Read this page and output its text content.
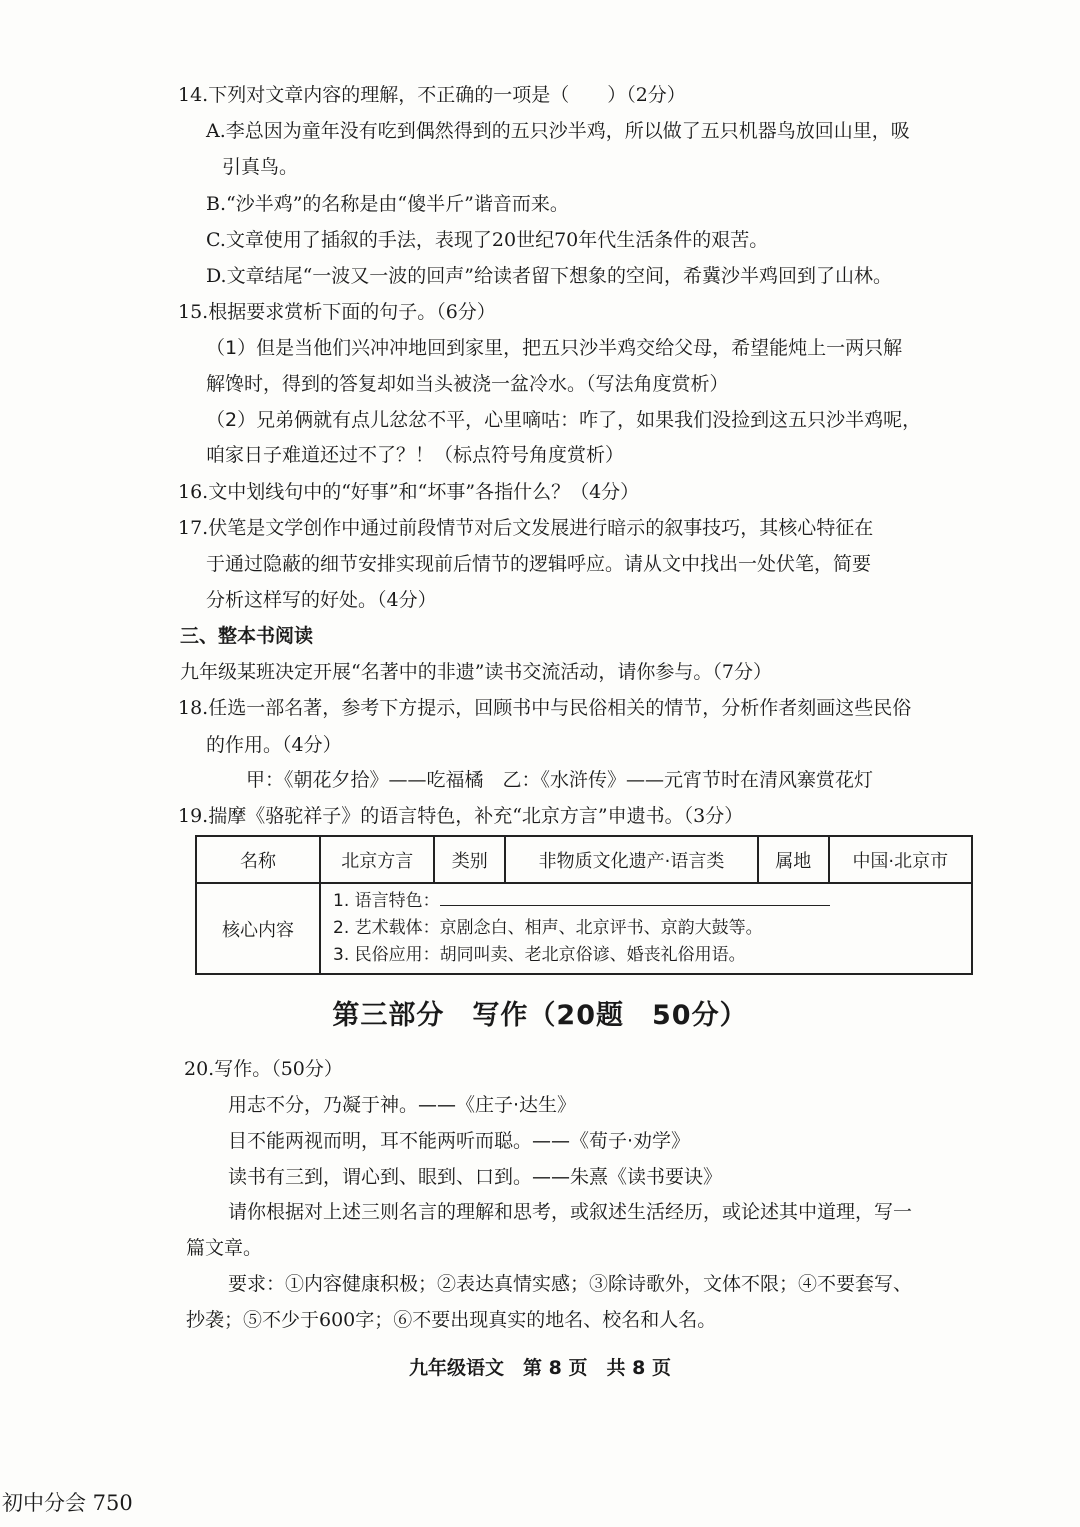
14.下列对文章内容的理解，不正确的一项是（　　）（2分）
A.李总因为童年没有吃到偶然得到的五只沙半鸡，所以做了五只机器鸟放回山里，吸
引真鸟。
B.“沙半鸡”的名称是由“傻半斤”谐音而来。
C.文章使用了插叙的手法，表现了20世纪70年代生活条件的艰苦。
D.文章结尾“一波又一波的回声”给读者留下想象的空间，希冀沙半鸡回到了山林。
15.根据要求赏析下面的句子。（6分）
（1）但是当他们兴冲冲地回到家里，把五只沙半鸡交给父母，希望能炖上一两只解
解馋时，得到的答复却如当头被浇一盆冷水。（写法角度赏析）
（2）兄弟俩就有点儿忿忿不平，心里嘀咕：咋了，如果我们没捡到这五只沙半鸡呢，
咱家日子难道还过不了？！（标点符号角度赏析）
16.文中划线句中的“好事”和“坏事”各指什么？（4分）
17.伏笔是文学创作中通过前段情节对后文发展进行暗示的叙事技巧，其核心特征在
于通过隐蔽的细节安排实现前后情节的逻辑呼应。请从文中找出一处伏笔，简要
分析这样写的好处。（4分）
三、整本书阅读
九年级某班决定开展“名著中的非遗”读书交流活动，请你参与。（7分）
18.任选一部名著，参考下方提示，回顾书中与民俗相关的情节，分析作者刻画这些民俗
的作用。（4分）
甲：《朝花夕拾》——吃福橘　乙：《水浒传》——元宵节时在清风寨赏花灯
19.揣摩《骆驼祥子》的语言特色，补充“北京方言”申遗书。（3分）
名称	北京方言	类别	非物质文化遗产·语言类	属地	中国·北京市
核心内容	1. 语言特色：
2. 艺术载体：京剧念白、相声、北京评书、京韵大鼓等。
3. 民俗应用：胡同叫卖、老北京俗谚、婚丧礼俗用语。				
第三部分　写作（20题　50分）
20.写作。（50分）
用志不分，乃凝于神。——《庄子·达生》
目不能两视而明，耳不能两听而聪。——《荀子·劝学》
读书有三到，谓心到、眼到、口到。——朱熹《读书要诀》
请你根据对上述三则名言的理解和思考，或叙述生活经历，或论述其中道理，写一
篇文章。
要求：①内容健康积极；②表达真情实感；③除诗歌外，文体不限；④不要套写、
抄袭；⑤不少于600字；⑥不要出现真实的地名、校名和人名。
九年级语文　第 8 页　共 8 页
初中分会 750
